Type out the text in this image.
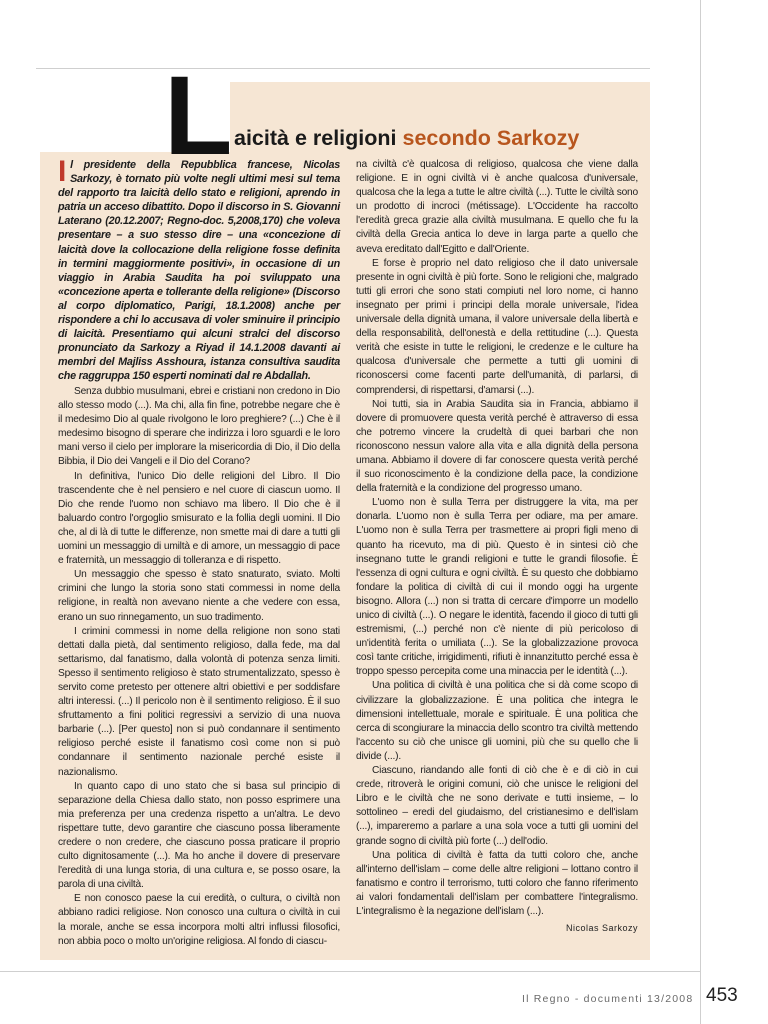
L aicità e religioni secondo Sarkozy

Il presidente della Repubblica francese, Nicolas Sarkozy, è tornato più volte negli ultimi mesi sul tema del rapporto tra laicità dello stato e religioni, aprendo in patria un acceso dibattito. Dopo il discorso in S. Giovanni Laterano (20.12.2007; Regno-doc. 5,2008,170) che voleva presentare – a suo stesso dire – una «concezione di laicità dove la collocazione della religione fosse definita in termini maggiormente positivi», in occasione di un viaggio in Arabia Saudita ha poi sviluppato una «concezione aperta e tollerante della religione» (Discorso al corpo diplomatico, Parigi, 18.1.2008) anche per rispondere a chi lo accusava di voler sminuire il principio di laicità. Presentiamo qui alcuni stralci del discorso pronunciato da Sarkozy a Riyad il 14.1.2008 davanti ai membri del Majliss Asshoura, istanza consultiva saudita che raggruppa 150 esperti nominati dal re Abdallah.

Senza dubbio musulmani, ebrei e cristiani non credono in Dio allo stesso modo (...). Ma chi, alla fin fine, potrebbe negare che è il medesimo Dio al quale rivolgono le loro preghiere? (...) Che è il medesimo bisogno di sperare che indirizza i loro sguardi e le loro mani verso il cielo per implorare la misericordia di Dio, il Dio della Bibbia, il Dio dei Vangeli e il Dio del Corano?

In definitiva, l'unico Dio delle religioni del Libro. Il Dio trascendente che è nel pensiero e nel cuore di ciascun uomo. Il Dio che rende l'uomo non schiavo ma libero. Il Dio che è il baluardo contro l'orgoglio smisurato e la follia degli uomini. Il Dio che, al di là di tutte le differenze, non smette mai di dare a tutti gli uomini un messaggio di umiltà e di amore, un messaggio di pace e fraternità, un messaggio di tolleranza e di rispetto.

Un messaggio che spesso è stato snaturato, sviato. Molti crimini che lungo la storia sono stati commessi in nome della religione, in realtà non avevano niente a che vedere con essa, erano un suo rinnegamento, un suo tradimento.

I crimini commessi in nome della religione non sono stati dettati dalla pietà, dal sentimento religioso, dalla fede, ma dal settarismo, dal fanatismo, dalla volontà di potenza senza limiti. Spesso il sentimento religioso è stato strumentalizzato, spesso è servito come pretesto per ottenere altri obiettivi e per soddisfare altri interessi. (...) Il pericolo non è il sentimento religioso. È il suo sfruttamento a fini politici regressivi a servizio di una nuova barbarie (...). [Per questo] non si può condannare il sentimento religioso perché esiste il fanatismo così come non si può condannare il sentimento nazionale perché esiste il nazionalismo.

In quanto capo di uno stato che si basa sul principio di separazione della Chiesa dallo stato, non posso esprimere una mia preferenza per una credenza rispetto a un'altra. Le devo rispettare tutte, devo garantire che ciascuno possa liberamente credere o non credere, che ciascuno possa praticare il proprio culto dignitosamente (...). Ma ho anche il dovere di preservare l'eredità di una lunga storia, di una cultura e, se posso osare, la parola di una civiltà.

E non conosco paese la cui eredità, o cultura, o civiltà non abbiano radici religiose. Non conosco una cultura o civiltà in cui la morale, anche se essa incorpora molti altri influssi filosofici, non abbia poco o molto un'origine religiosa. Al fondo di ciascu-

na civiltà c'è qualcosa di religioso, qualcosa che viene dalla religione. E in ogni civiltà vi è anche qualcosa d'universale, qualcosa che la lega a tutte le altre civiltà (...). Tutte le civiltà sono un prodotto di incroci (métissage). L'Occidente ha raccolto l'eredità greca grazie alla civiltà musulmana. E quello che fu la civiltà della Grecia antica lo deve in larga parte a quello che aveva ereditato dall'Egitto e dall'Oriente.

E forse è proprio nel dato religioso che il dato universale presente in ogni civiltà è più forte. Sono le religioni che, malgrado tutti gli errori che sono stati compiuti nel loro nome, ci hanno insegnato per primi i principi della morale universale, l'idea universale della dignità umana, il valore universale della libertà e della responsabilità, dell'onestà e della rettitudine (...). Questa verità che esiste in tutte le religioni, le credenze e le culture ha qualcosa d'universale che permette a tutti gli uomini di riconoscersi come facenti parte dell'umanità, di parlarsi, di comprendersi, di rispettarsi, d'amarsi (...).

Noi tutti, sia in Arabia Saudita sia in Francia, abbiamo il dovere di promuovere questa verità perché è attraverso di essa che potremo vincere la crudeltà di quei barbari che non riconoscono nessun valore alla vita e alla dignità della persona umana. Abbiamo il dovere di far conoscere questa verità perché il suo riconoscimento è la condizione della pace, la condizione della fraternità e la condizione del progresso umano.

L'uomo non è sulla Terra per distruggere la vita, ma per donarla. L'uomo non è sulla Terra per odiare, ma per amare. L'uomo non è sulla Terra per trasmettere ai propri figli meno di quanto ha ricevuto, ma di più. Questo è in sintesi ciò che insegnano tutte le grandi religioni e tutte le grandi filosofie. È l'essenza di ogni cultura e ogni civiltà. È su questo che dobbiamo fondare la politica di civiltà di cui il mondo oggi ha urgente bisogno. Allora (...) non si tratta di cercare d'imporre un modello unico di civiltà (...). O negare le identità, facendo il gioco di tutti gli estremismi, (...) perché non c'è niente di più pericoloso di un'identità ferita o umiliata (...). Se la globalizzazione provoca così tante critiche, irrigidimenti, rifiuti è innanzitutto perché essa è troppo spesso percepita come una minaccia per le identità (...).

Una politica di civiltà è una politica che si dà come scopo di civilizzare la globalizzazione. È una politica che integra le dimensioni intellettuale, morale e spirituale. È una politica che cerca di scongiurare la minaccia dello scontro tra civiltà mettendo l'accento su ciò che unisce gli uomini, più che su quello che li divide (...).

Ciascuno, riandando alle fonti di ciò che è e di ciò in cui crede, ritroverà le origini comuni, ciò che unisce le religioni del Libro e le civiltà che ne sono derivate e tutti insieme, – lo sottolineo – eredi del giudaismo, del cristianesimo e dell'islam (...), impareremo a parlare a una sola voce a tutti gli uomini del grande sogno di civiltà più forte (...) dell'odio.

Una politica di civiltà è fatta da tutti coloro che, anche all'interno dell'islam – come delle altre religioni – lottano contro il fanatismo e contro il terrorismo, tutti coloro che fanno riferimento ai valori fondamentali dell'islam per combattere l'integralismo. L'integralismo è la negazione dell'islam (...).

Nicolas Sarkozy

Il Regno - documenti 13/2008 453
